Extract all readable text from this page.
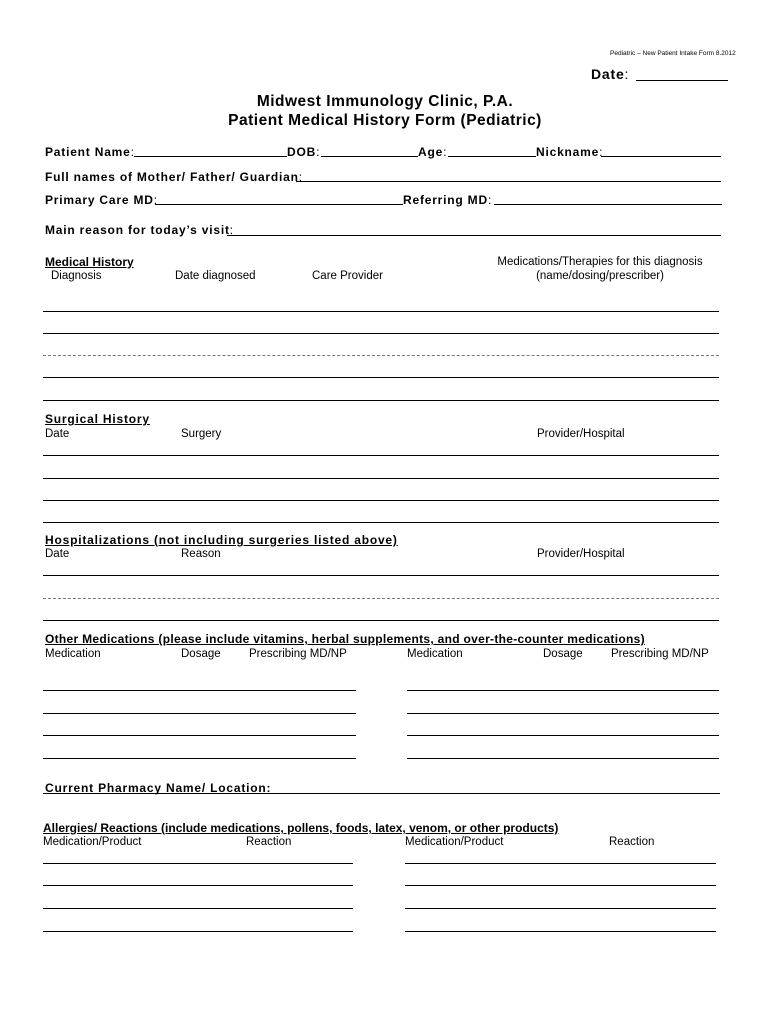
Pediatric – New Patient Intake Form 8.2012
Date:
Midwest Immunology Clinic, P.A.
Patient Medical History Form (Pediatric)
Patient Name:	DOB:	Age:	Nickname:
Full names of Mother/ Father/ Guardian:
Primary Care MD:	Referring MD:
Main reason for today’s visit:
Medical History
Diagnosis	Date diagnosed	Care Provider
Medications/Therapies for this diagnosis
(name/dosing/prescriber)
Surgical History
Date	Surgery	Provider/Hospital
Hospitalizations (not including surgeries listed above)
Date	Reason	Provider/Hospital
Other Medications (please include vitamins, herbal supplements, and over-the-counter medications)
Medication	Dosage Prescribing MD/NP	Medication	Dosage Prescribing MD/NP
Current Pharmacy Name/ Location:
Allergies/ Reactions (include medications, pollens, foods, latex, venom, or other products)
Medication/Product	Reaction	Medication/Product	Reaction
